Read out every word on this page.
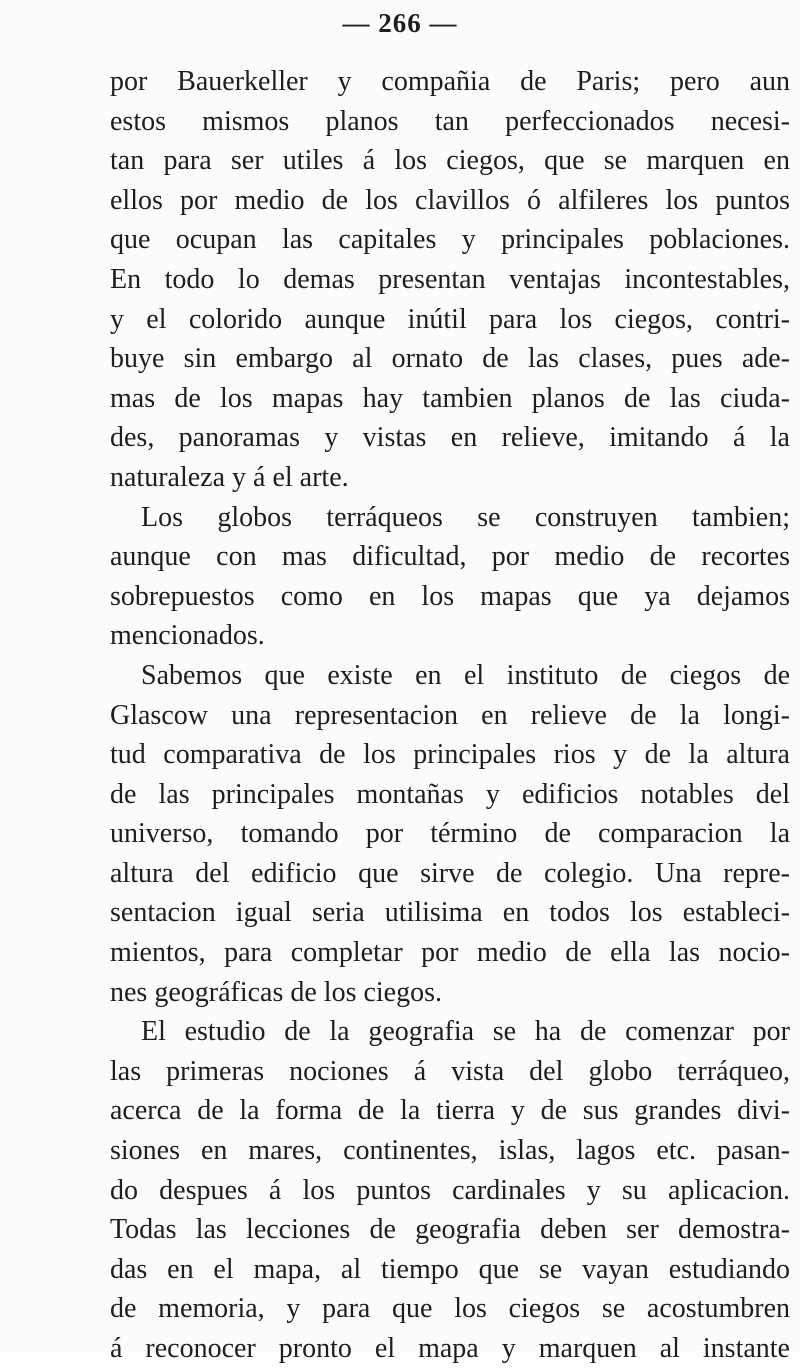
— 266 —
por Bauerkeller y compañia de Paris; pero aun
estos mismos planos tan perfeccionados necesi-
tan para ser utiles á los ciegos, que se marquen en
ellos por medio de los clavillos ó alfileres los puntos
que ocupan las capitales y principales poblaciones.
En todo lo demas presentan ventajas incontestables,
y el colorido aunque inútil para los ciegos, contri-
buye sin embargo al ornato de las clases, pues ade-
mas de los mapas hay tambien planos de las ciuda-
des, panoramas y vistas en relieve, imitando á la
naturaleza y á el arte.
Los globos terráqueos se construyen tambien;
aunque con mas dificultad, por medio de recortes
sobrepuestos como en los mapas que ya dejamos
mencionados.
Sabemos que existe en el instituto de ciegos de
Glascow una representacion en relieve de la longi-
tud comparativa de los principales rios y de la altura
de las principales montañas y edificios notables del
universo, tomando por término de comparacion la
altura del edificio que sirve de colegio. Una repre-
sentacion igual seria utilisima en todos los estableci-
mientos, para completar por medio de ella las nocio-
nes geográficas de los ciegos.
El estudio de la geografia se ha de comenzar por
las primeras nociones á vista del globo terráqueo,
acerca de la forma de la tierra y de sus grandes divi-
siones en mares, continentes, islas, lagos etc. pasan-
do despues á los puntos cardinales y su aplicacion.
Todas las lecciones de geografia deben ser demostra-
das en el mapa, al tiempo que se vayan estudiando
de memoria, y para que los ciegos se acostumbren
á reconocer pronto el mapa y marquen al instante
